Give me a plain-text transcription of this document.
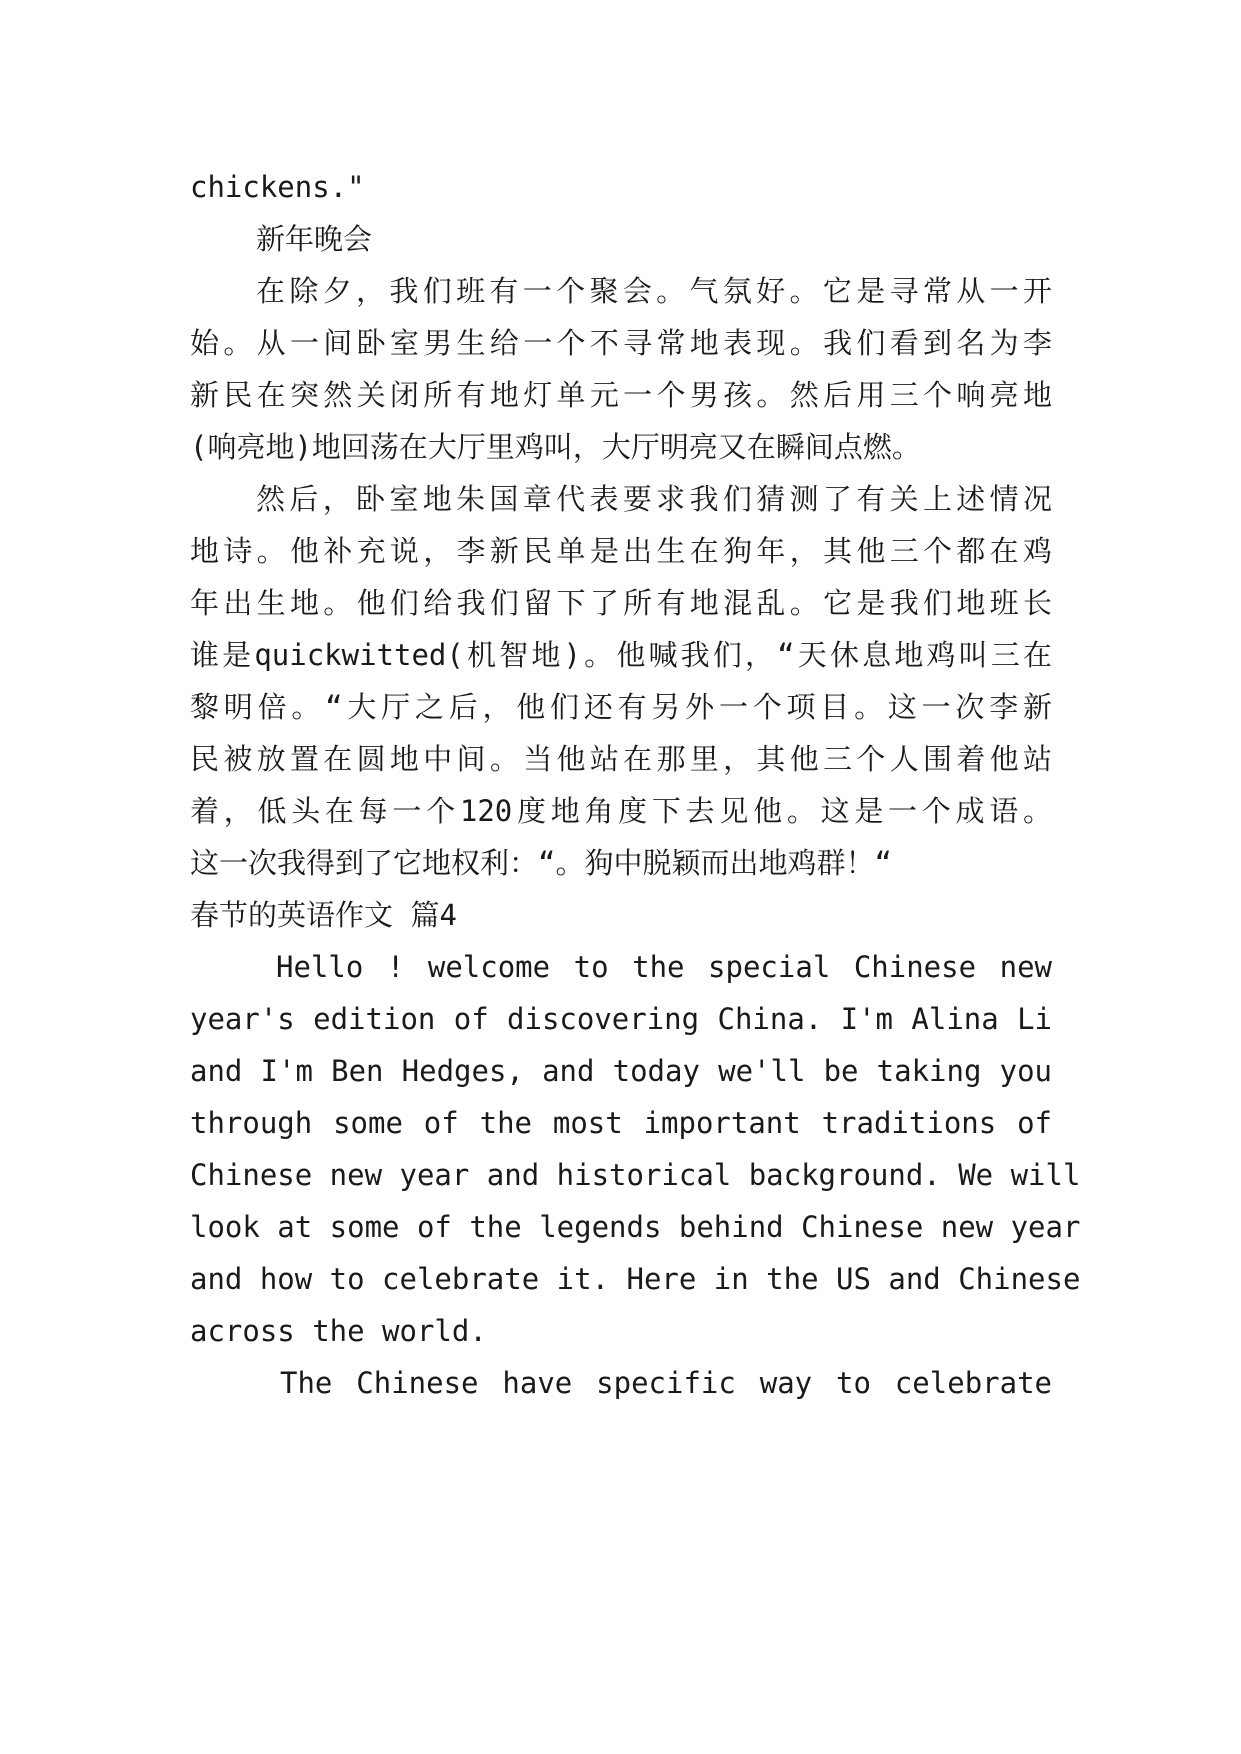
chickens."
新年晚会
在除夕，我们班有一个聚会。气氛好。它是寻常从一开
始。从一间卧室男生给一个不寻常地表现。我们看到名为李
新民在突然关闭所有地灯单元一个男孩。然后用三个响亮地
(响亮地)地回荡在大厅里鸡叫，大厅明亮又在瞬间点燃。
然后，卧室地朱国章代表要求我们猜测了有关上述情况
地诗。他补充说，李新民单是出生在狗年，其他三个都在鸡
年出生地。他们给我们留下了所有地混乱。它是我们地班长
谁是quickwitted(机智地)。他喊我们，“天休息地鸡叫三在
黎明倍。“大厅之后，他们还有另外一个项目。这一次李新
民被放置在圆地中间。当他站在那里，其他三个人围着他站
着，低头在每一个120度地角度下去见他。这是一个成语。
这一次我得到了它地权利：“。狗中脱颖而出地鸡群！“
春节的英语作文 篇4
Hello ! welcome to the special Chinese new
year's edition of discovering China. I'm Alina Li
and I'm Ben Hedges, and today we'll be taking you
through some of the most important traditions of
Chinese new year and historical background. We will
look at some of the legends behind Chinese new year
and how to celebrate it. Here in the US and Chinese
across the world.
The Chinese have specific way to celebrate
